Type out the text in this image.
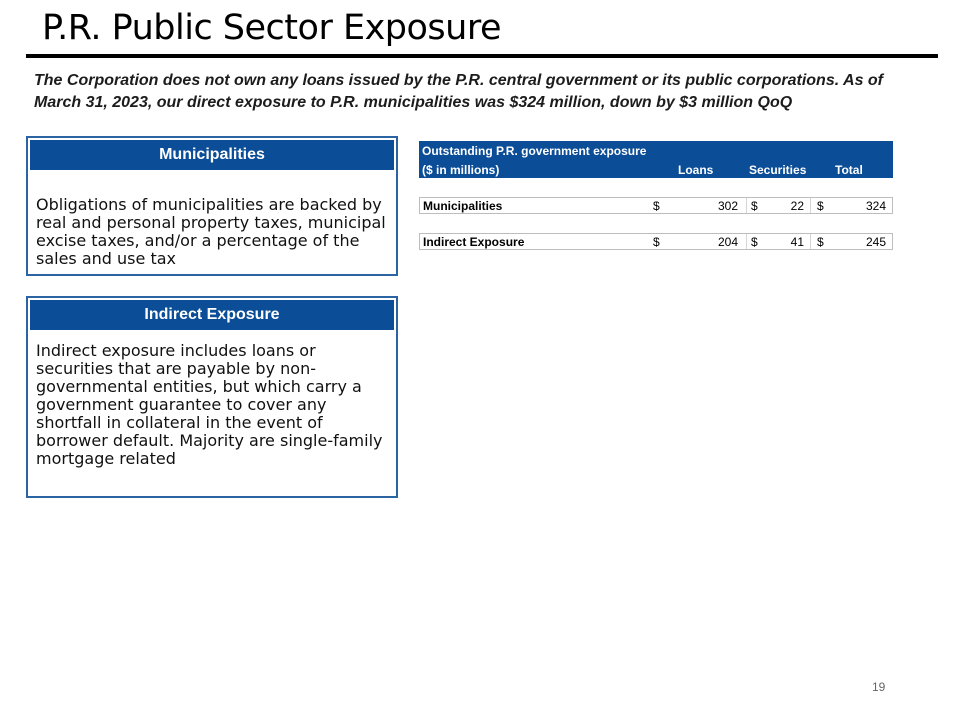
P.R. Public Sector Exposure
The Corporation does not own any loans issued by the P.R. central government or its public corporations. As of March 31, 2023, our direct exposure to P.R. municipalities was $324 million, down by $3 million QoQ
Municipalities
Obligations of municipalities are backed by real and personal property taxes, municipal excise taxes, and/or a percentage of the sales and use tax
Indirect Exposure
Indirect exposure includes loans or securities that are payable by non-governmental entities, but which carry a government guarantee to cover any shortfall in collateral in the event of borrower default. Majority are single-family mortgage related
Outstanding P.R. government exposure
($ in millions)	Loans	Securities Total
Municipalities	$	302 $	22 $	324
Indirect Exposure	$	204 $	41 $	245
19
